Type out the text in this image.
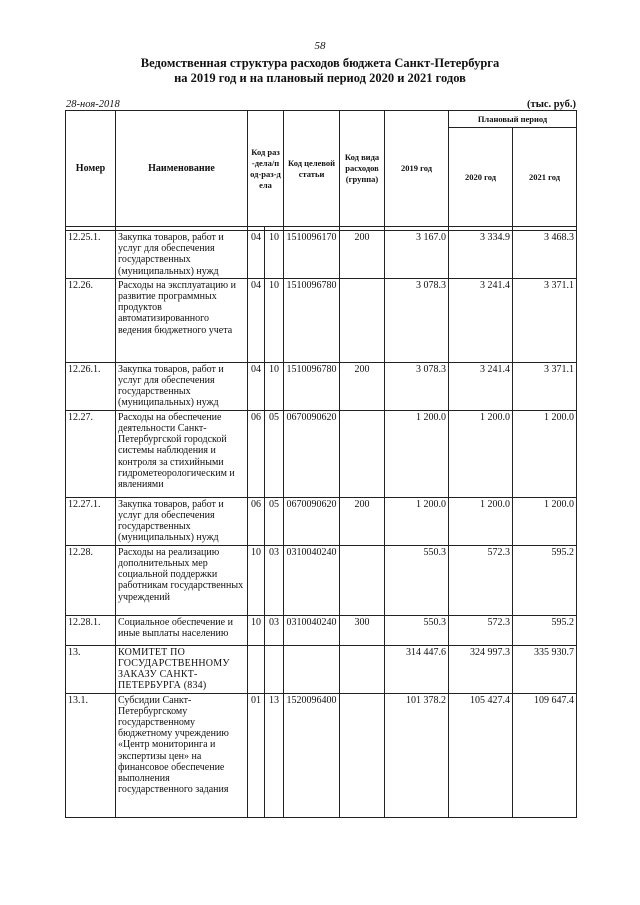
58
Ведомственная структура расходов бюджета Санкт-Петербурга
на 2019 год и на плановый период 2020 и 2021 годов
28-ноя-2018	(тыс. руб.)
Номер	Наименование	Код раз-дела/под-раз-дела		Код целевой статьи	Код вида расходов (группа)	2019 год	Плановый период	
							2020 год	2021 год

12.25.1.	Закупка товаров, работ и услуг для обеспечения государственных (муниципальных) нужд	04	10	1510096170	200	3 167.0	3 334.9	3 468.3
12.26.	Расходы на эксплуатацию и развитие программных продуктов автоматизированного ведения бюджетного учета	04	10	1510096780		3 078.3	3 241.4	3 371.1
12.26.1.	Закупка товаров, работ и услуг для обеспечения государственных (муниципальных) нужд	04	10	1510096780	200	3 078.3	3 241.4	3 371.1
12.27.	Расходы на обеспечение деятельности Санкт-Петербургской городской системы наблюдения и контроля за стихийными гидрометеорологическим и явлениями	06	05	0670090620		1 200.0	1 200.0	1 200.0
12.27.1.	Закупка товаров, работ и услуг для обеспечения государственных (муниципальных) нужд	06	05	0670090620	200	1 200.0	1 200.0	1 200.0
12.28.	Расходы на реализацию дополнительных мер социальной поддержки работникам государственных учреждений	10	03	0310040240		550.3	572.3	595.2
12.28.1.	Социальное обеспечение и иные выплаты населению	10	03	0310040240	300	550.3	572.3	595.2
13.	КОМИТЕТ ПО ГОСУДАРСТВЕННОМУ ЗАКАЗУ САНКТ-ПЕТЕРБУРГА (834)					314 447.6	324 997.3	335 930.7
13.1.	Субсидии Санкт-Петербургскому государственному бюджетному учреждению «Центр мониторинга и экспертизы цен» на финансовое обеспечение выполнения государственного задания	01	13	1520096400		101 378.2	105 427.4	109 647.4
